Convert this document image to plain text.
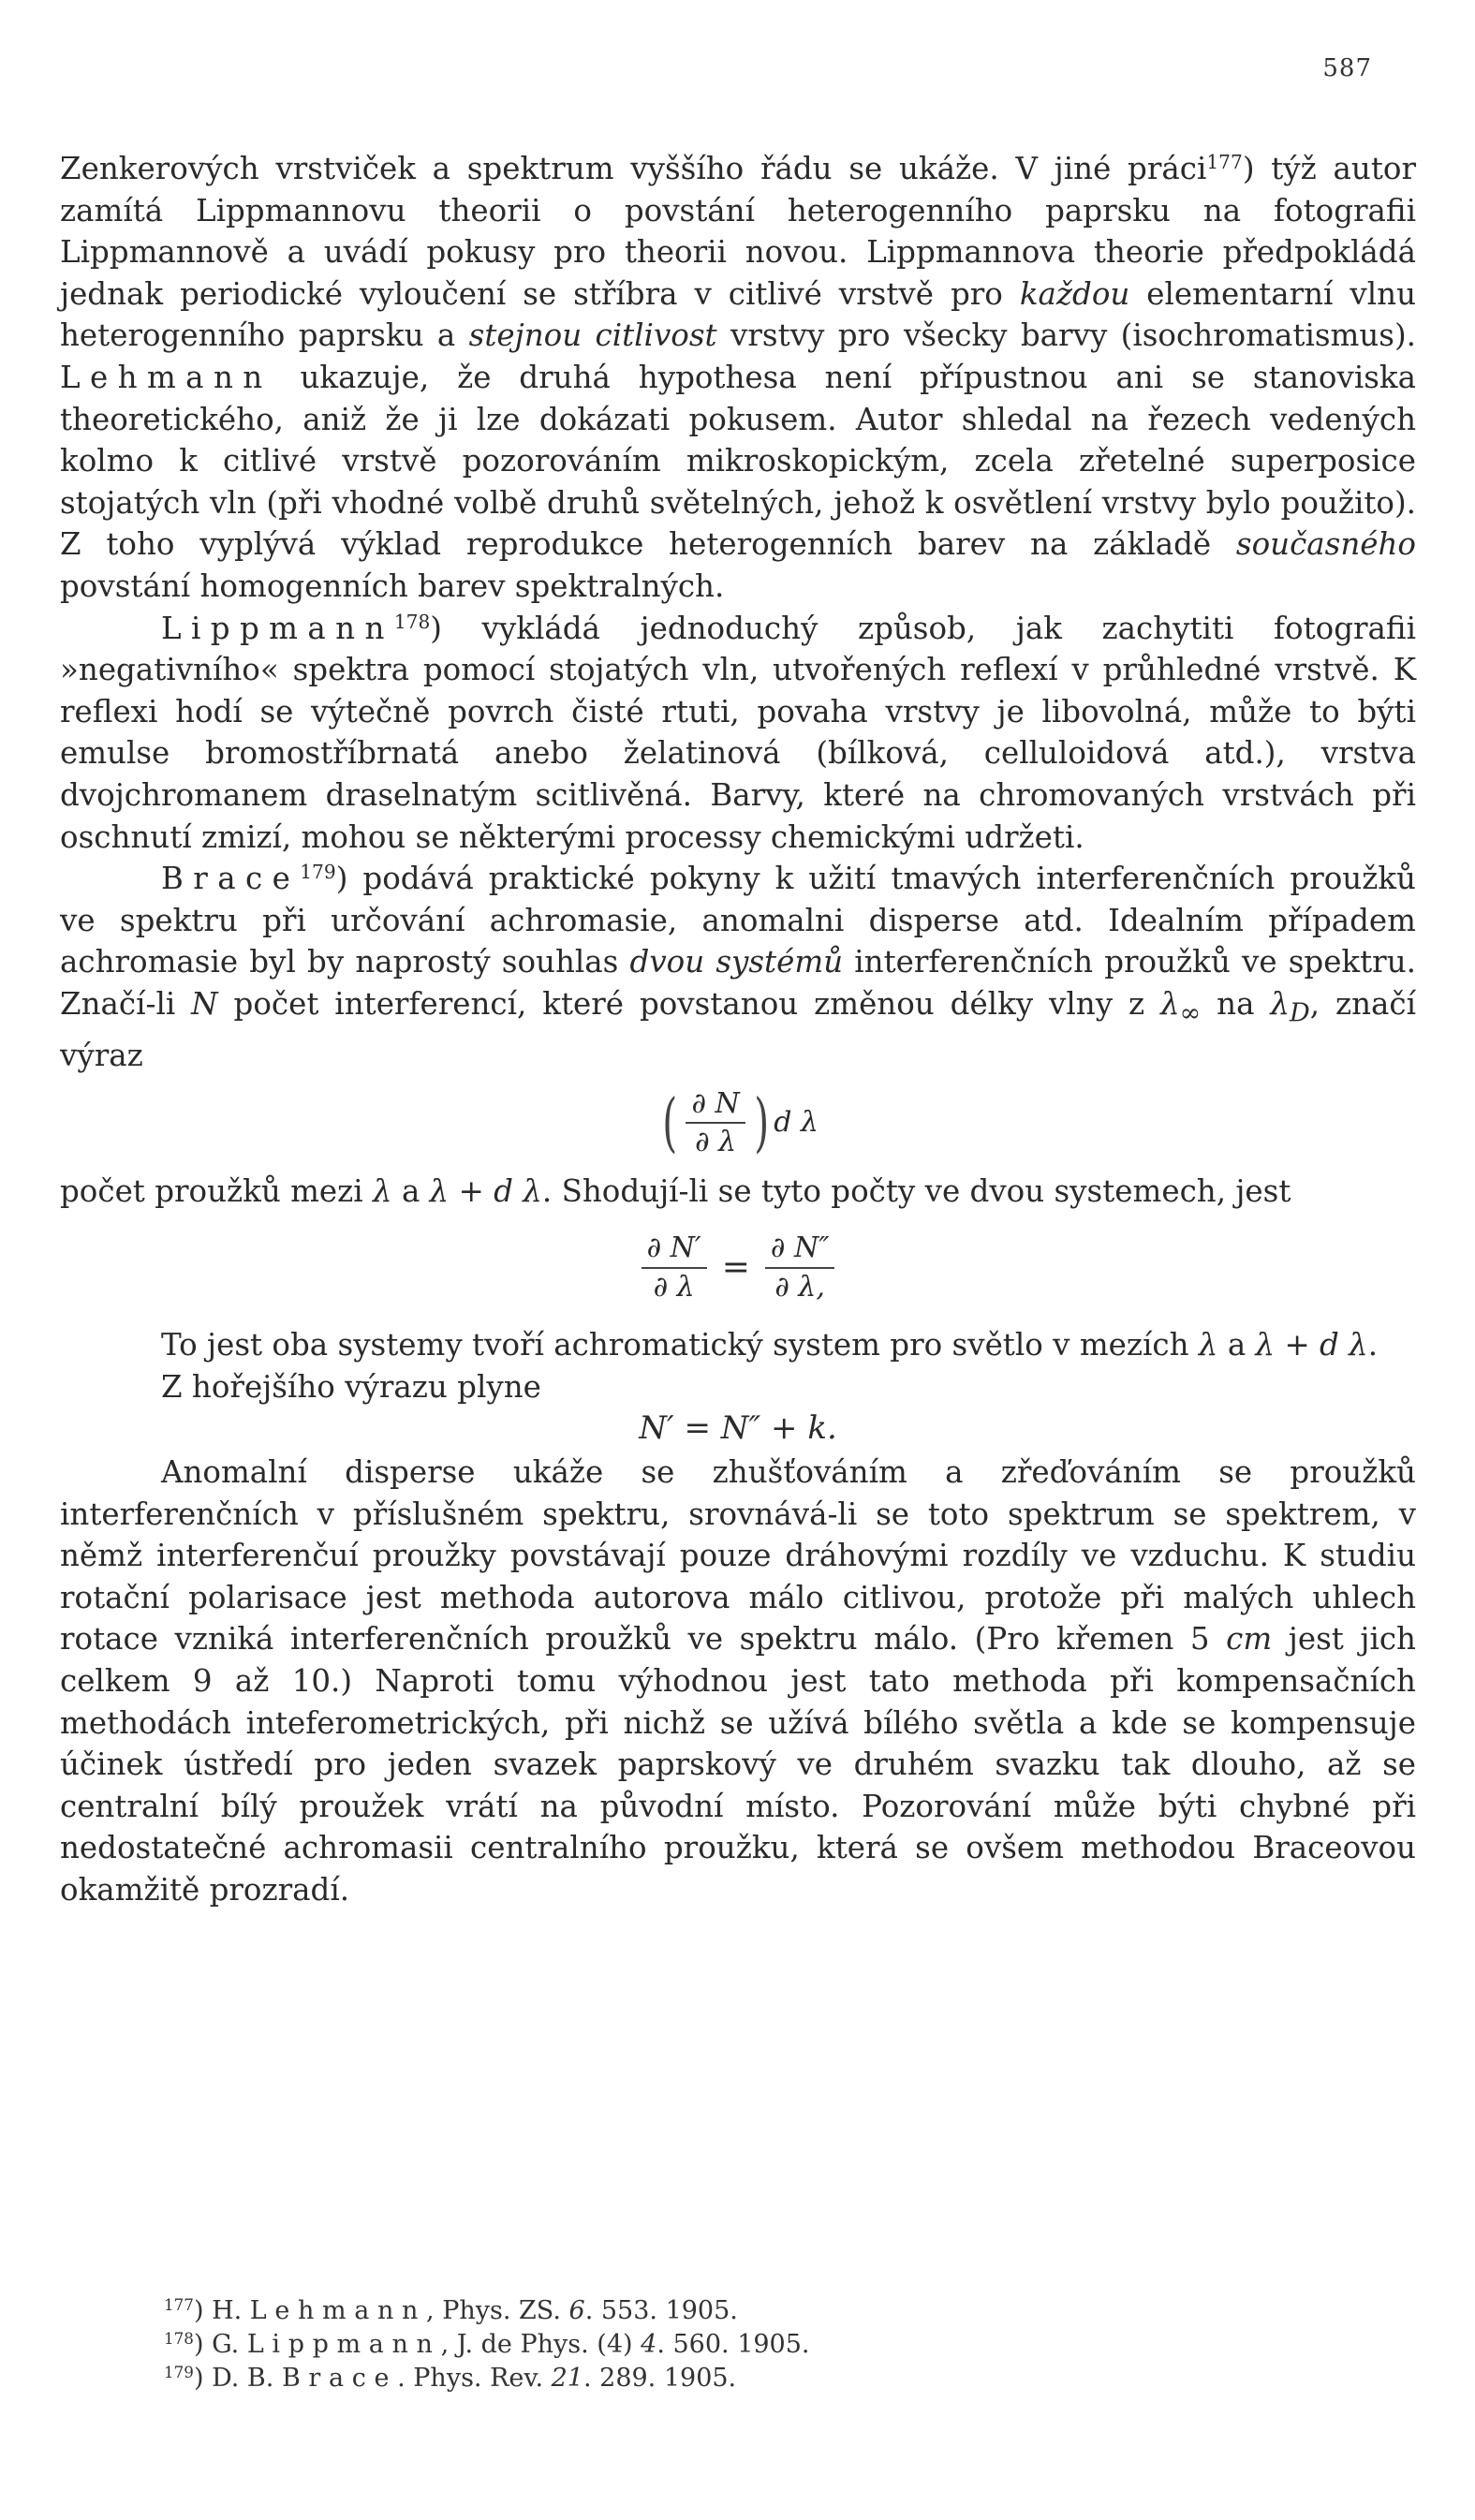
587

Zenkerových vrstviček a spektrum vyššího řádu se ukáže. V jiné práci$^{177}$) týž autor zamítá Lippmannovu theorii o povstání heterogenního paprsku na fotografii Lippmannově a uvádí pokusy pro theorii novou. Lippmannova theorie předpokládá jednak periodické vyloučení se stříbra v citlivé vrstvě pro každou elementarní vlnu heterogenního paprsku a stejnou citlivost vrstvy pro všecky barvy (isochromatismus). Lehmann ukazuje, že druhá hypothesa není přípustnou ani se stanoviska theoretického, aniž že ji lze dokázati pokusem. Autor shledal na řezech vedených kolmo k citlivé vrstvě pozorováním mikroskopickým, zcela zřetelné superposice stojatých vln (při vhodné volbě druhů světelných, jehož k osvětlení vrstvy bylo použito). Z toho vyplývá výklad reprodukce heterogenních barev na základě současného povstání homogenních barev spektralných.

Lippmann$^{178}$) vykládá jednoduchý způsob, jak zachytiti fotografii »negativního« spektra pomocí stojatých vln, utvořených reflexí v průhledné vrstvě. K reflexi hodí se výtečně povrch čisté rtuti, povaha vrstvy je libovolná, může to býti emulse bromostříbrnatá anebo želatinová (bílková, celluloidová atd.), vrstva dvojchromanem draselnatým scitlivěná. Barvy, které na chromovaných vrstvách při oschnutí zmizí, mohou se některými processy chemickými udržeti.

Brace$^{179}$) podává praktické pokyny k užití tmavých interferenčních proužků ve spektru při určování achromasie, anomalni disperse atd. Idealním případem achromasie byl by naprostý souhlas dvou systémů interferenčních proužků ve spektru. Značí-li N počet interferencí, které povstanou změnou délky vlny z $\lambda_\infty$ na $\lambda_D$, značí výraz

( $\frac{\partial N}{\partial \lambda}$ ) d λ

počet proužků mezi λ a λ + d λ. Shodují-li se tyto počty ve dvou systemech, jest

$\frac{\partial N'}{\partial \lambda} = \frac{\partial N''}{\partial \lambda,}$

To jest oba systemy tvoří achromatický system pro světlo v mezích λ a λ + d λ.

Z hořejšího výrazu plyne

N′ = N″ + k.

Anomalní disperse ukáže se zhušťováním a zřeďováním se proužků interferenčních v příslušném spektru, srovnává-li se toto spektrum se spektrem, v němž interferenčuí proužky povstávají pouze dráhovými rozdíly ve vzduchu. K studiu rotační polarisace jest methoda autorova málo citlivou, protože při malých uhlech rotace vzniká interferenčních proužků ve spektru málo. (Pro křemen 5 cm jest jich celkem 9 až 10.) Naproti tomu výhodnou jest tato methoda při kompensačních methodách inteferometrických, při nichž se užívá bílého světla a kde se kompensuje účinek ústředí pro jeden svazek paprskový ve druhém svazku tak dlouho, až se centralní bílý proužek vrátí na původní místo. Pozorování může býti chybné při nedostatečné achromasii centralního proužku, která se ovšem methodou Braceovou okamžitě prozradí.

$^{177}$) H. Lehmann, Phys. ZS. 6. 553. 1905.

$^{178}$) G. Lippmann, J. de Phys. (4) 4. 560. 1905.

$^{179}$) D. B. Brace. Phys. Rev. 21. 289. 1905.
